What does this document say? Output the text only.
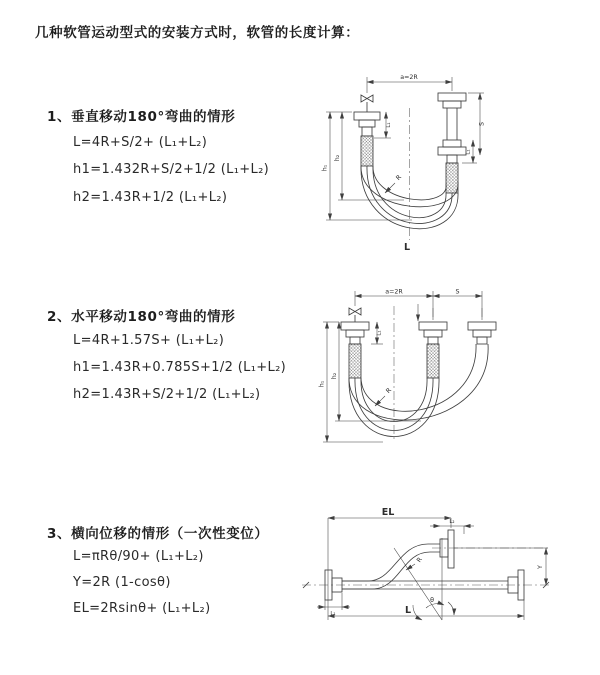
几种软管运动型式的安装方式时，软管的长度计算：
1、垂直移动180°弯曲的情形
L=4R+S/2+ (L₁+L₂)
h1=1.432R+S/2+1/2 (L₁+L₂)
h2=1.43R+1/2 (L₁+L₂)
a=2R
h₁
h₂
L₁	S
L₁
R
L
2、水平移动180°弯曲的情形
L=4R+1.57S+ (L₁+L₂)
h1=1.43R+0.785S+1/2 (L₁+L₂)
h2=1.43R+S/2+1/2 (L₁+L₂)
a=2R	S
h₁
h₂
L₁
R
3、横向位移的情形（一次性变位）
L=πRθ/90+ (L₁+L₂)
Y=2R (1-cosθ)
EL=2Rsinθ+ (L₁+L₂)
EL
L₂
Y
R
θ
L₁	L
